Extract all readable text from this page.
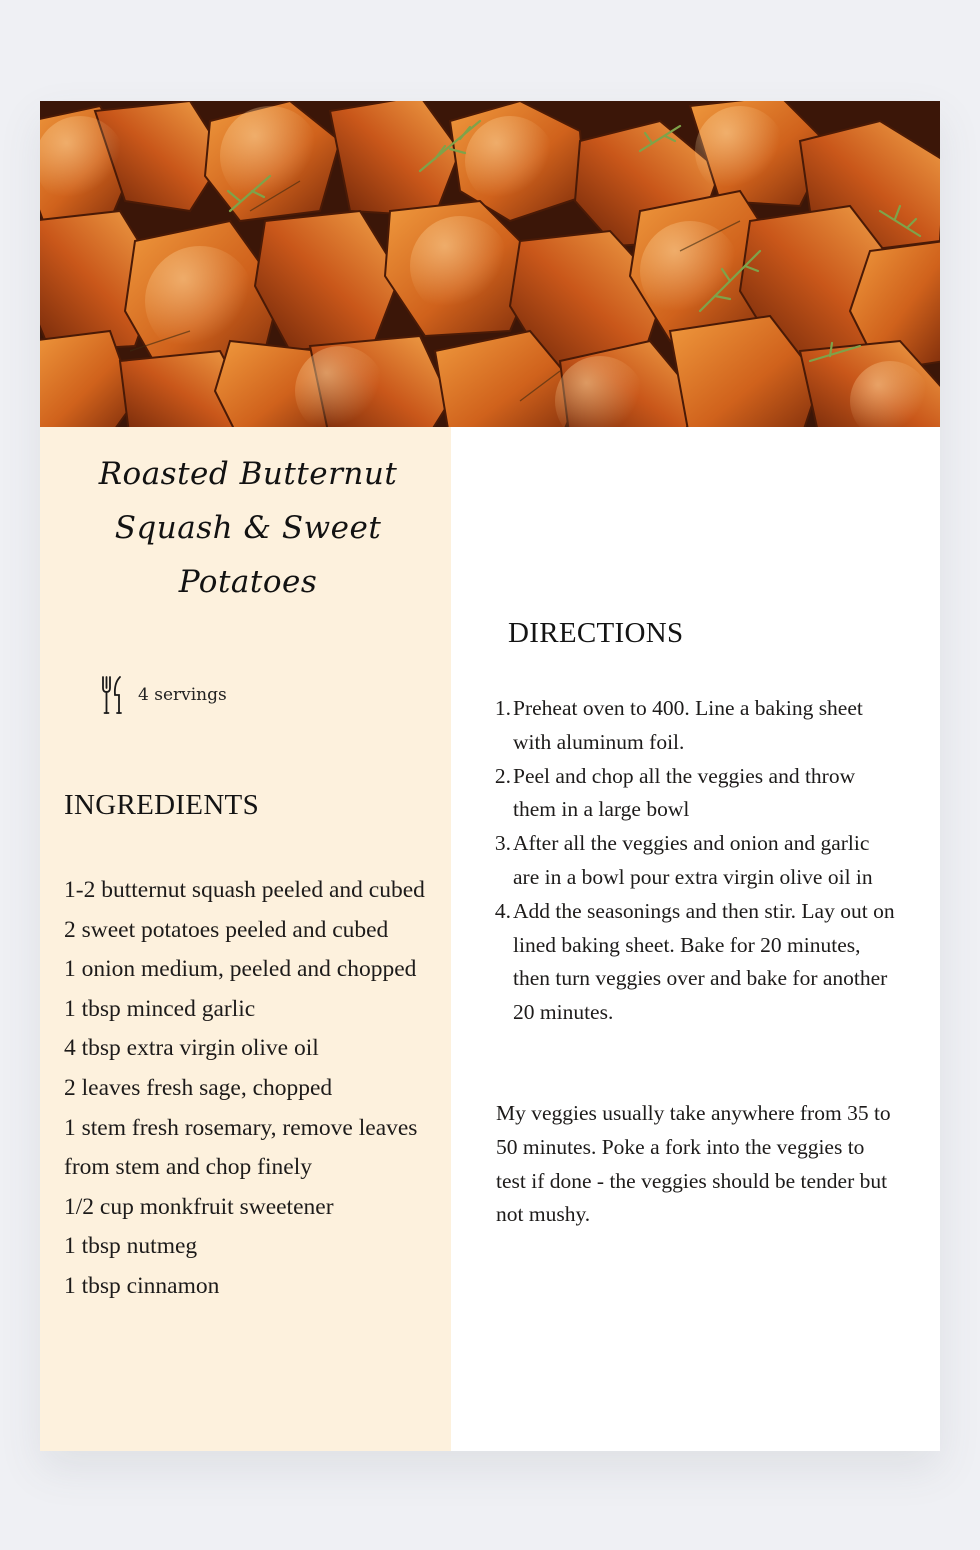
Roasted Butternut Squash & Sweet Potatoes
4 servings
INGREDIENTS
1-2 butternut squash peeled and cubed
2 sweet potatoes peeled and cubed
1 onion medium, peeled and chopped
1 tbsp minced garlic
4 tbsp extra virgin olive oil
2 leaves fresh sage, chopped
1 stem fresh rosemary, remove leaves from stem and chop finely
1/2 cup monkfruit sweetener
1 tbsp nutmeg
1 tbsp cinnamon
DIRECTIONS
1. Preheat oven to 400. Line a baking sheet with aluminum foil.
2. Peel and chop all the veggies and throw them in a large bowl
3. After all the veggies and onion and garlic are in a bowl pour extra virgin olive oil in
4. Add the seasonings and then stir. Lay out on lined baking sheet. Bake for 20 minutes, then turn veggies over and bake for another 20 minutes.

My veggies usually take anywhere from 35 to 50 minutes. Poke a fork into the veggies to test if done - the veggies should be tender but not mushy.
